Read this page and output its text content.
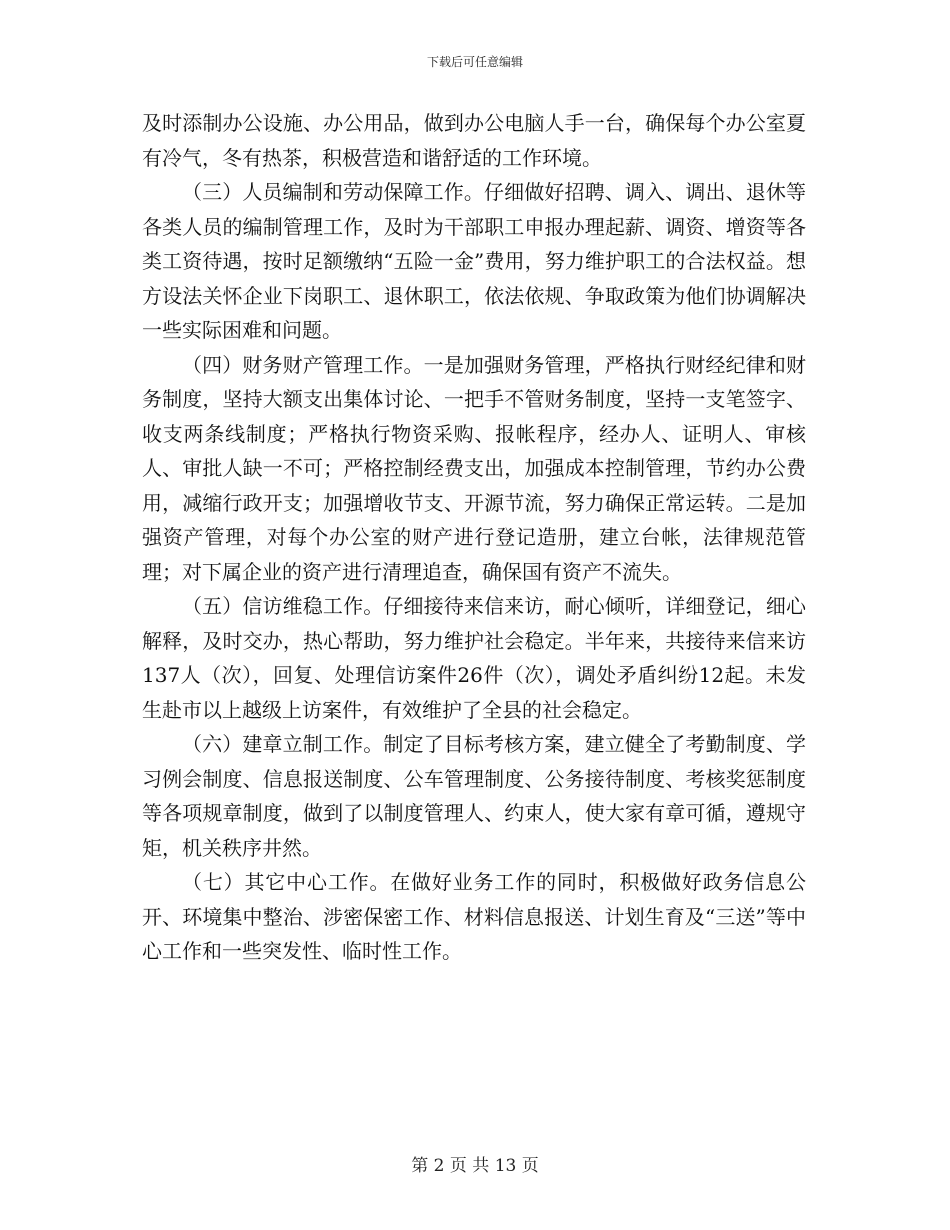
下载后可任意编辑

及时添制办公设施、办公用品，做到办公电脑人手一台，确保每个办公室夏有冷气，冬有热茶，积极营造和谐舒适的工作环境。

（三）人员编制和劳动保障工作。仔细做好招聘、调入、调出、退休等各类人员的编制管理工作，及时为干部职工申报办理起薪、调资、增资等各类工资待遇，按时足额缴纳“五险一金”费用，努力维护职工的合法权益。想方设法关怀企业下岗职工、退休职工，依法依规、争取政策为他们协调解决一些实际困难和问题。

（四）财务财产管理工作。一是加强财务管理，严格执行财经纪律和财务制度，坚持大额支出集体讨论、一把手不管财务制度，坚持一支笔签字、收支两条线制度；严格执行物资采购、报帐程序，经办人、证明人、审核人、审批人缺一不可；严格控制经费支出，加强成本控制管理，节约办公费用，减缩行政开支；加强增收节支、开源节流，努力确保正常运转。二是加强资产管理，对每个办公室的财产进行登记造册，建立台帐，法律规范管理；对下属企业的资产进行清理追查，确保国有资产不流失。

（五）信访维稳工作。仔细接待来信来访，耐心倾听，详细登记，细心解释，及时交办，热心帮助，努力维护社会稳定。半年来，共接待来信来访137人（次），回复、处理信访案件26件（次），调处矛盾纠纷12起。未发生赴市以上越级上访案件，有效维护了全县的社会稳定。

（六）建章立制工作。制定了目标考核方案，建立健全了考勤制度、学习例会制度、信息报送制度、公车管理制度、公务接待制度、考核奖惩制度等各项规章制度，做到了以制度管理人、约束人，使大家有章可循，遵规守矩，机关秩序井然。

（七）其它中心工作。在做好业务工作的同时，积极做好政务信息公开、环境集中整治、涉密保密工作、材料信息报送、计划生育及“三送”等中心工作和一些突发性、临时性工作。

第 2 页 共 13 页
